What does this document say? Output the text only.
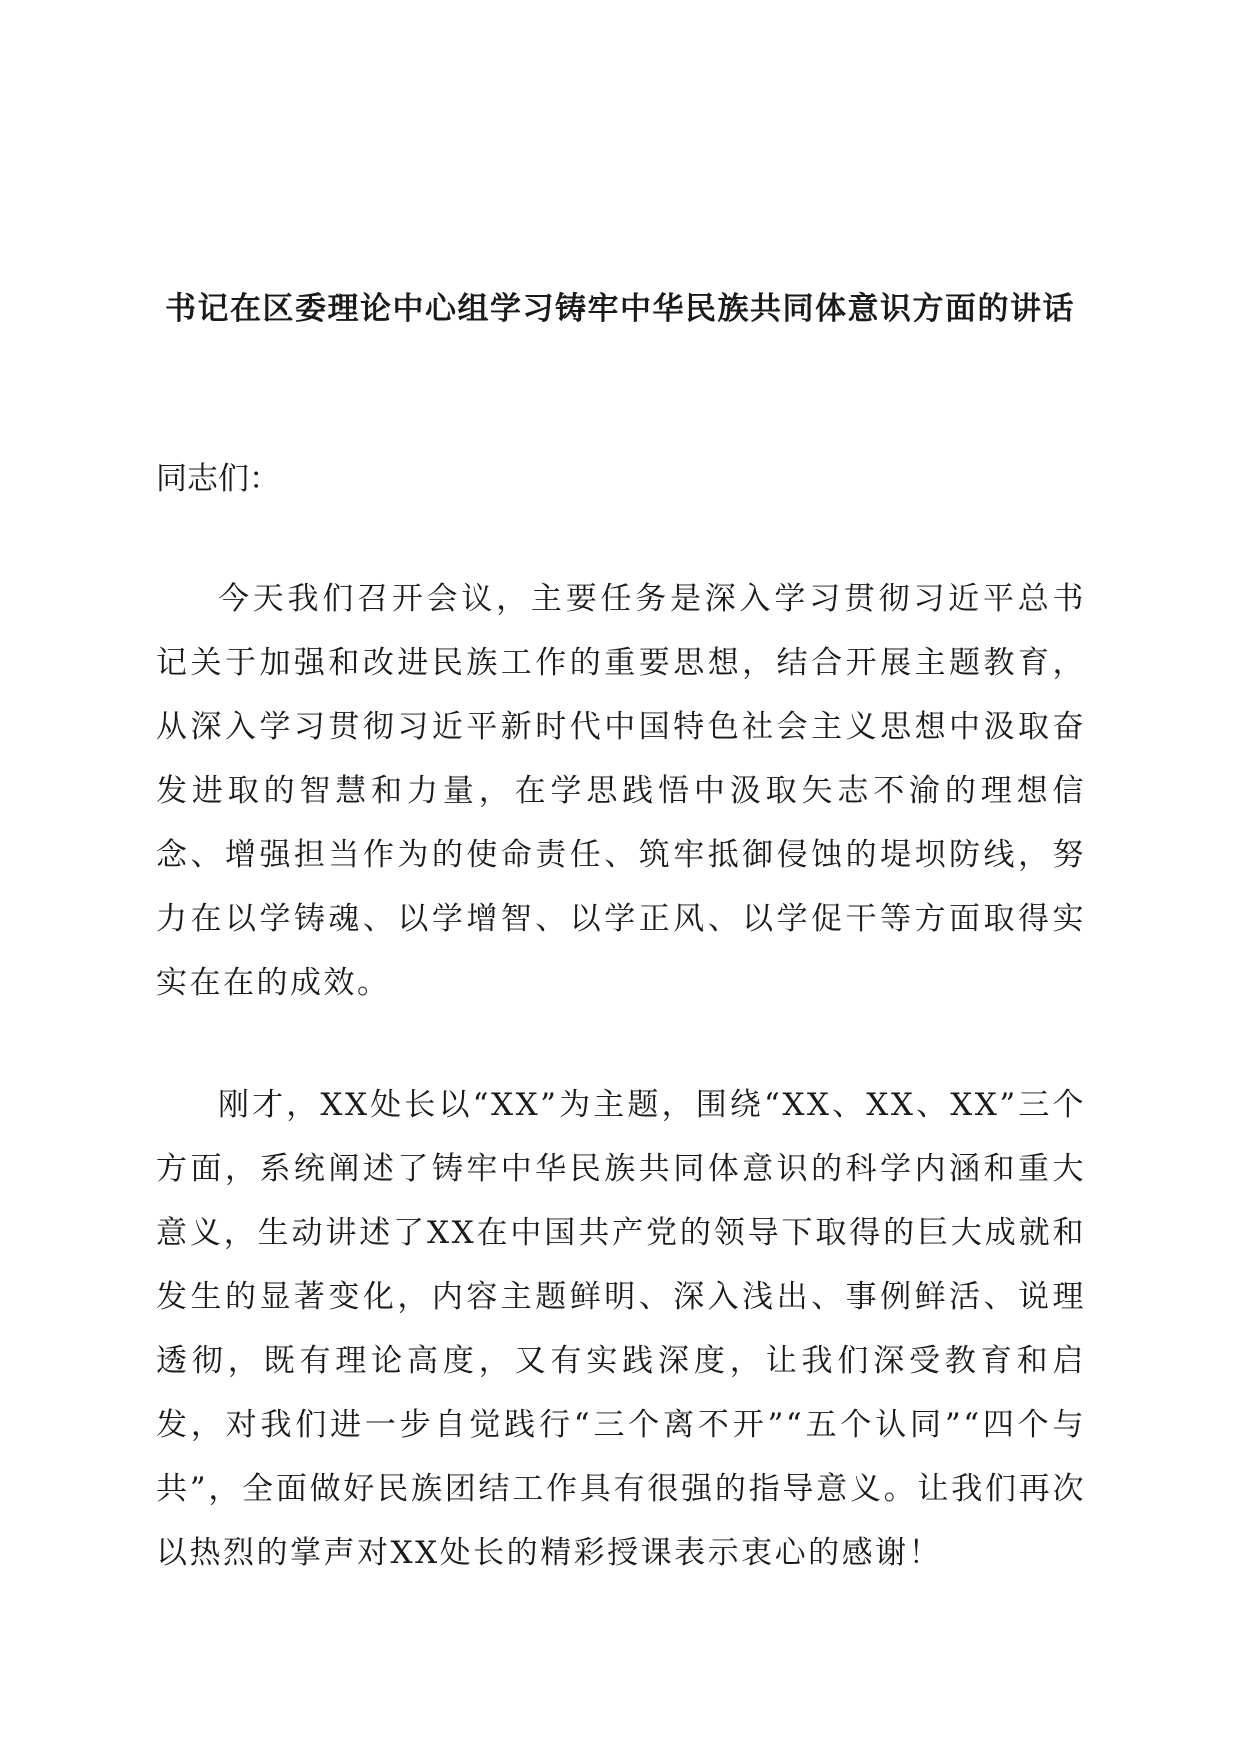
书记在区委理论中心组学习铸牢中华民族共同体意识方面的讲话

同志们：

今天我们召开会议，主要任务是深入学习贯彻习近平总书记关于加强和改进民族工作的重要思想，结合开展主题教育，从深入学习贯彻习近平新时代中国特色社会主义思想中汲取奋发进取的智慧和力量，在学思践悟中汲取矢志不渝的理想信念、增强担当作为的使命责任、筑牢抵御侵蚀的堤坝防线，努力在以学铸魂、以学增智、以学正风、以学促干等方面取得实实在在的成效。

刚才，XX处长以“XX”为主题，围绕“XX、XX、XX”三个方面，系统阐述了铸牢中华民族共同体意识的科学内涵和重大意义，生动讲述了XX在中国共产党的领导下取得的巨大成就和发生的显著变化，内容主题鲜明、深入浅出、事例鲜活、说理透彻，既有理论高度，又有实践深度，让我们深受教育和启发，对我们进一步自觉践行“三个离不开”“五个认同”“四个与共”，全面做好民族团结工作具有很强的指导意义。让我们再次以热烈的掌声对XX处长的精彩授课表示衷心的感谢！
